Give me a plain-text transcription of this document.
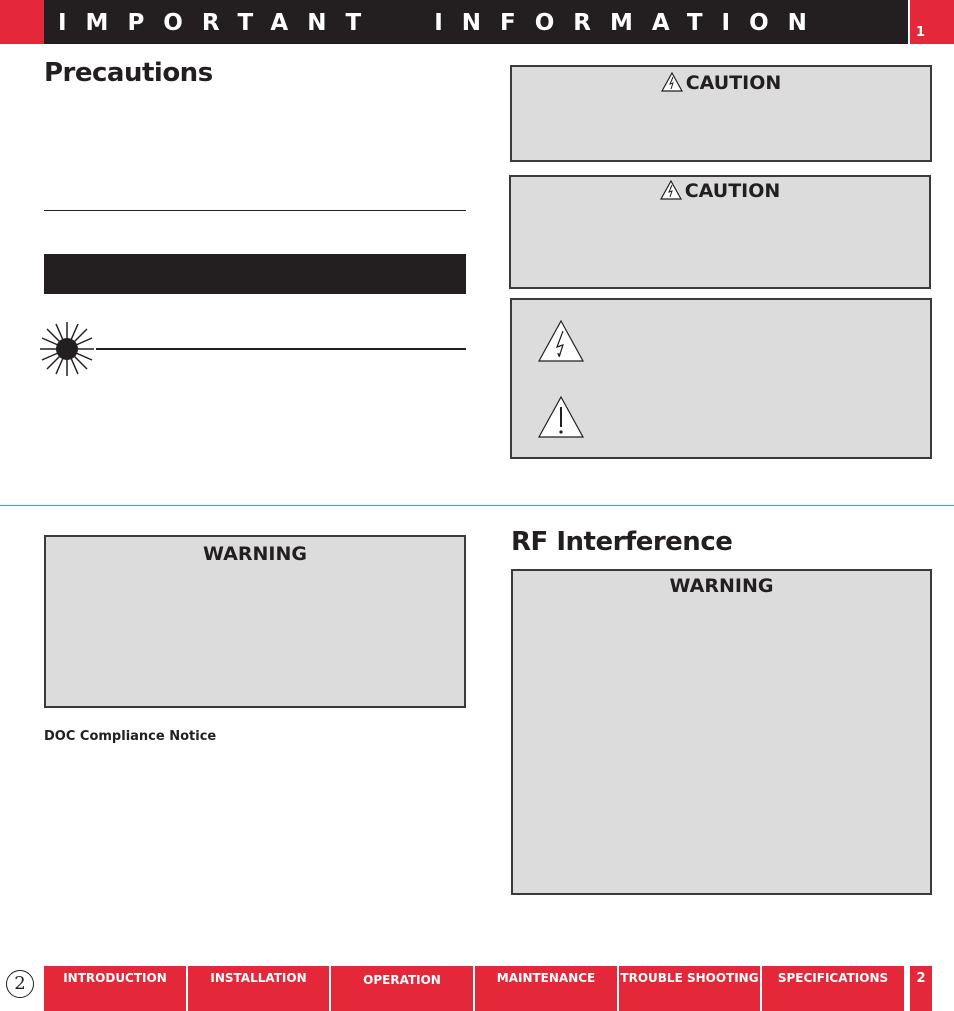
IMPORTANT  INFORMATION	1
Precautions	CAUTION
CAUTION
WARNING
DOC Compliance Notice
RF Interference
WARNING
2	INTRODUCTION	INSTALLATION	OPERATION	MAINTENANCE	TROUBLE SHOOTING	SPECIFICATIONS	2
